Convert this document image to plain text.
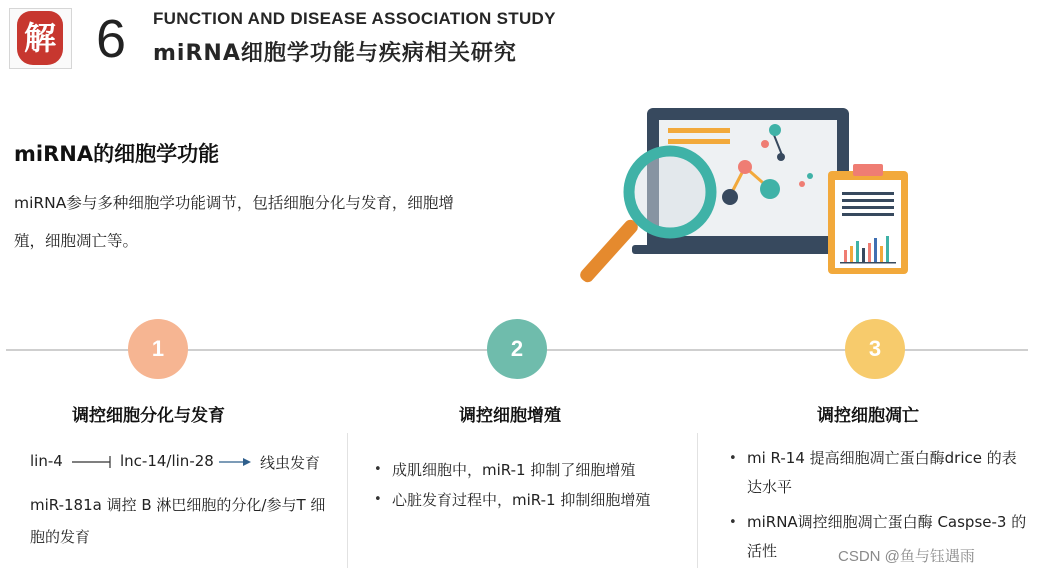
解 6 FUNCTION AND DISEASE ASSOCIATION STUDY
miRNA细胞学功能与疾病相关研究
miRNA的细胞学功能
miRNA参与多种细胞学功能调节，包括细胞分化与发育，细胞增殖，细胞凋亡等。
1	2	3
调控细胞分化与发育	调控细胞增殖	调控细胞凋亡
lin-4	lnc-14/lin-28	线虫发育
miR-181a 调控 B 淋巴细胞的分化/参与T 细胞的发育
• 成肌细胞中，miR-1 抑制了细胞增殖
• 心脏发育过程中，miR-1 抑制细胞增殖
• mi R-14 提高细胞凋亡蛋白酶drice 的表达水平
• miRNA调控细胞凋亡蛋白酶 Caspse-3 的活性	CSDN @鱼与钰遇雨
